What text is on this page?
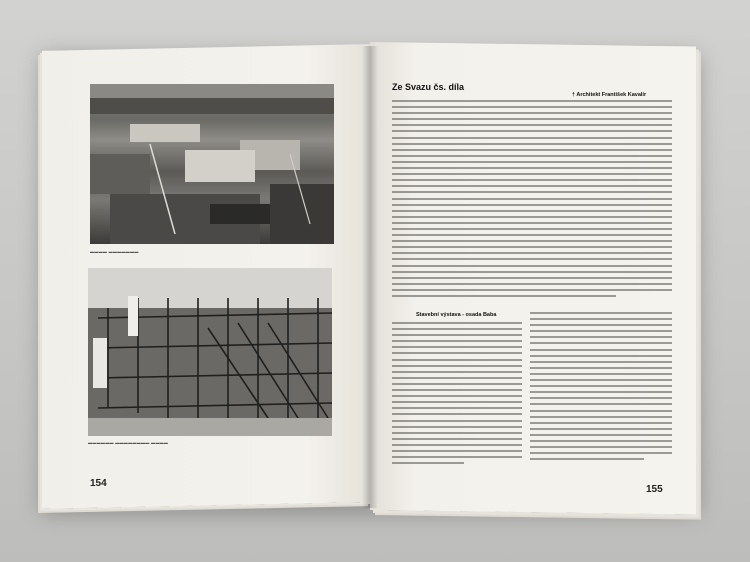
▬▬▬▬ ▬▬▬▬▬▬▬
▬▬▬▬▬▬ ▬▬▬▬▬▬▬▬ ▬▬▬▬
154
Ze Svazu čs. díla
† Architekt František Kavalír
Stavební výstava - osada Baba
155
